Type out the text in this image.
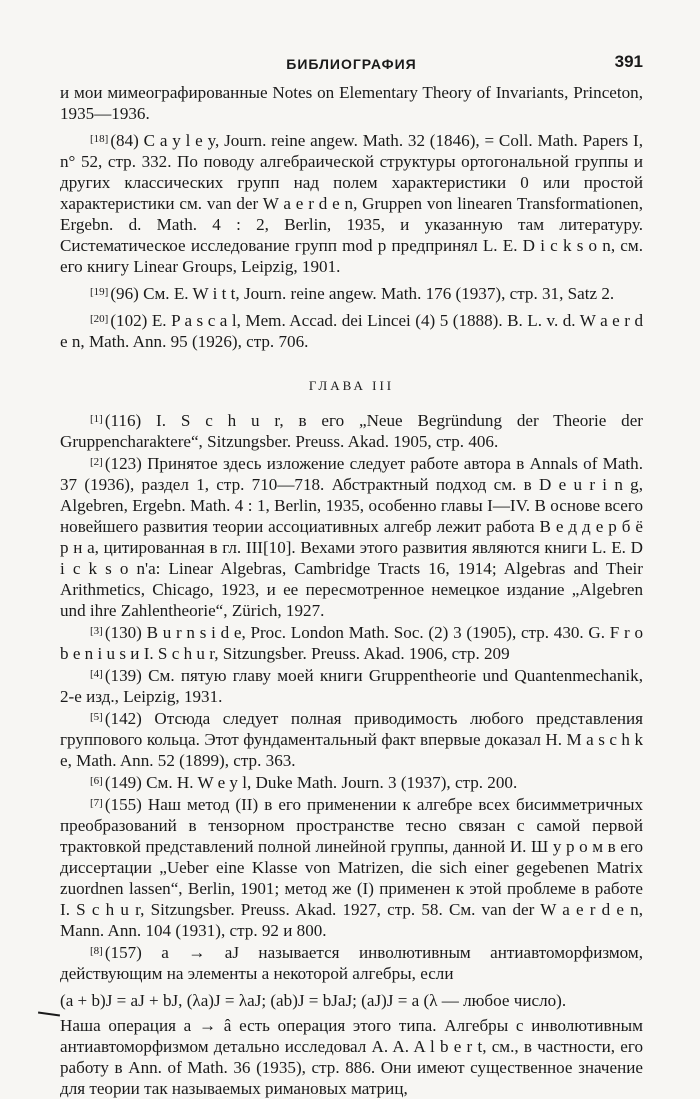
БИБЛИОГРАФИЯ	391

и мои мимеографированные Notes on Elementary Theory of Invariants, Princeton, 1935—1936.

[18] (84) C a y l e y, Journ. reine angew. Math. 32 (1846), = Coll. Math. Papers I, n° 52, стр. 332. По поводу алгебраической структуры ортогональной группы и других классических групп над полем характеристики 0 или простой характеристики см. van der W a e r d e n, Gruppen von linearen Transformationen, Ergebn. d. Math. 4 : 2, Berlin, 1935, и указанную там литературу. Систематическое исследование групп mod p предпринял L. E. D i c k s o n, см. его книгу Linear Groups, Leipzig, 1901.

[19] (96) См. E. W i t t, Journ. reine angew. Math. 176 (1937), стр. 31, Satz 2.

[20] (102) E. P a s c a l, Mem. Accad. dei Lincei (4) 5 (1888). B. L. v. d. W a e r d e n, Math. Ann. 95 (1926), стр. 706.

ГЛАВА III

[1] (116) I. S c h u r, в его „Neue Begründung der Theorie der Gruppencharaktere“, Sitzungsber. Preuss. Akad. 1905, стр. 406.

[2] (123) Принятое здесь изложение следует работе автора в Annals of Math. 37 (1936), раздел 1, стр. 710—718. Абстрактный подход см. в D e u r i n g, Algebren, Ergebn. Math. 4 : 1, Berlin, 1935, особенно главы I—IV. В основе всего новейшего развития теории ассоциативных алгебр лежит работа В е д д е р б ё р н а, цитированная в гл. III[10]. Вехами этого развития являются книги L. E. D i c k s o n'a: Linear Algebras, Cambridge Tracts 16, 1914; Algebras and Their Arithmetics, Chicago, 1923, и ее пересмотренное немецкое издание „Algebren und ihre Zahlentheorie“, Zürich, 1927.

[3] (130) B u r n s i d e, Proc. London Math. Soc. (2) 3 (1905), стр. 430. G. F r o b e n i u s и I. S c h u r, Sitzungsber. Preuss. Akad. 1906, стр. 209

[4] (139) См. пятую главу моей книги Gruppentheorie und Quantenmechanik, 2-е изд., Leipzig, 1931.

[5] (142) Отсюда следует полная приводимость любого представления группового кольца. Этот фундаментальный факт впервые доказал H. M a s c h k e, Math. Ann. 52 (1899), стр. 363.

[6] (149) См. H. W e y l, Duke Math. Journ. 3 (1937), стр. 200.

[7] (155) Наш метод (II) в его применении к алгебре всех бисимметричных преобразований в тензорном пространстве тесно связан с самой первой трактовкой представлений полной линейной группы, данной И. Ш у р о м в его диссертации „Ueber eine Klasse von Matrizen, die sich einer gegebenen Matrix zuordnen lassen“, Berlin, 1901; метод же (I) применен к этой проблеме в работе I. S c h u r, Sitzungsber. Preuss. Akad. 1927, стр. 58. См. van der W a e r d e n, Mann. Ann. 104 (1931), стр. 92 и 800.

[8] (157) a → aJ называется инволютивным антиавтоморфизмом, действующим на элементы a некоторой алгебры, если

(a + b)J = aJ + bJ, (λa)J = λaJ; (ab)J = bJaJ; (aJ)J = a (λ — любое число).

Наша операция a → â есть операция этого типа. Алгебры с инволютивным антиавтоморфизмом детально исследовал A. A. A l b e r t, см., в частности, его работу в Ann. of Math. 36 (1935), стр. 886. Они имеют существенное значение для теории так называемых римановых матриц,
